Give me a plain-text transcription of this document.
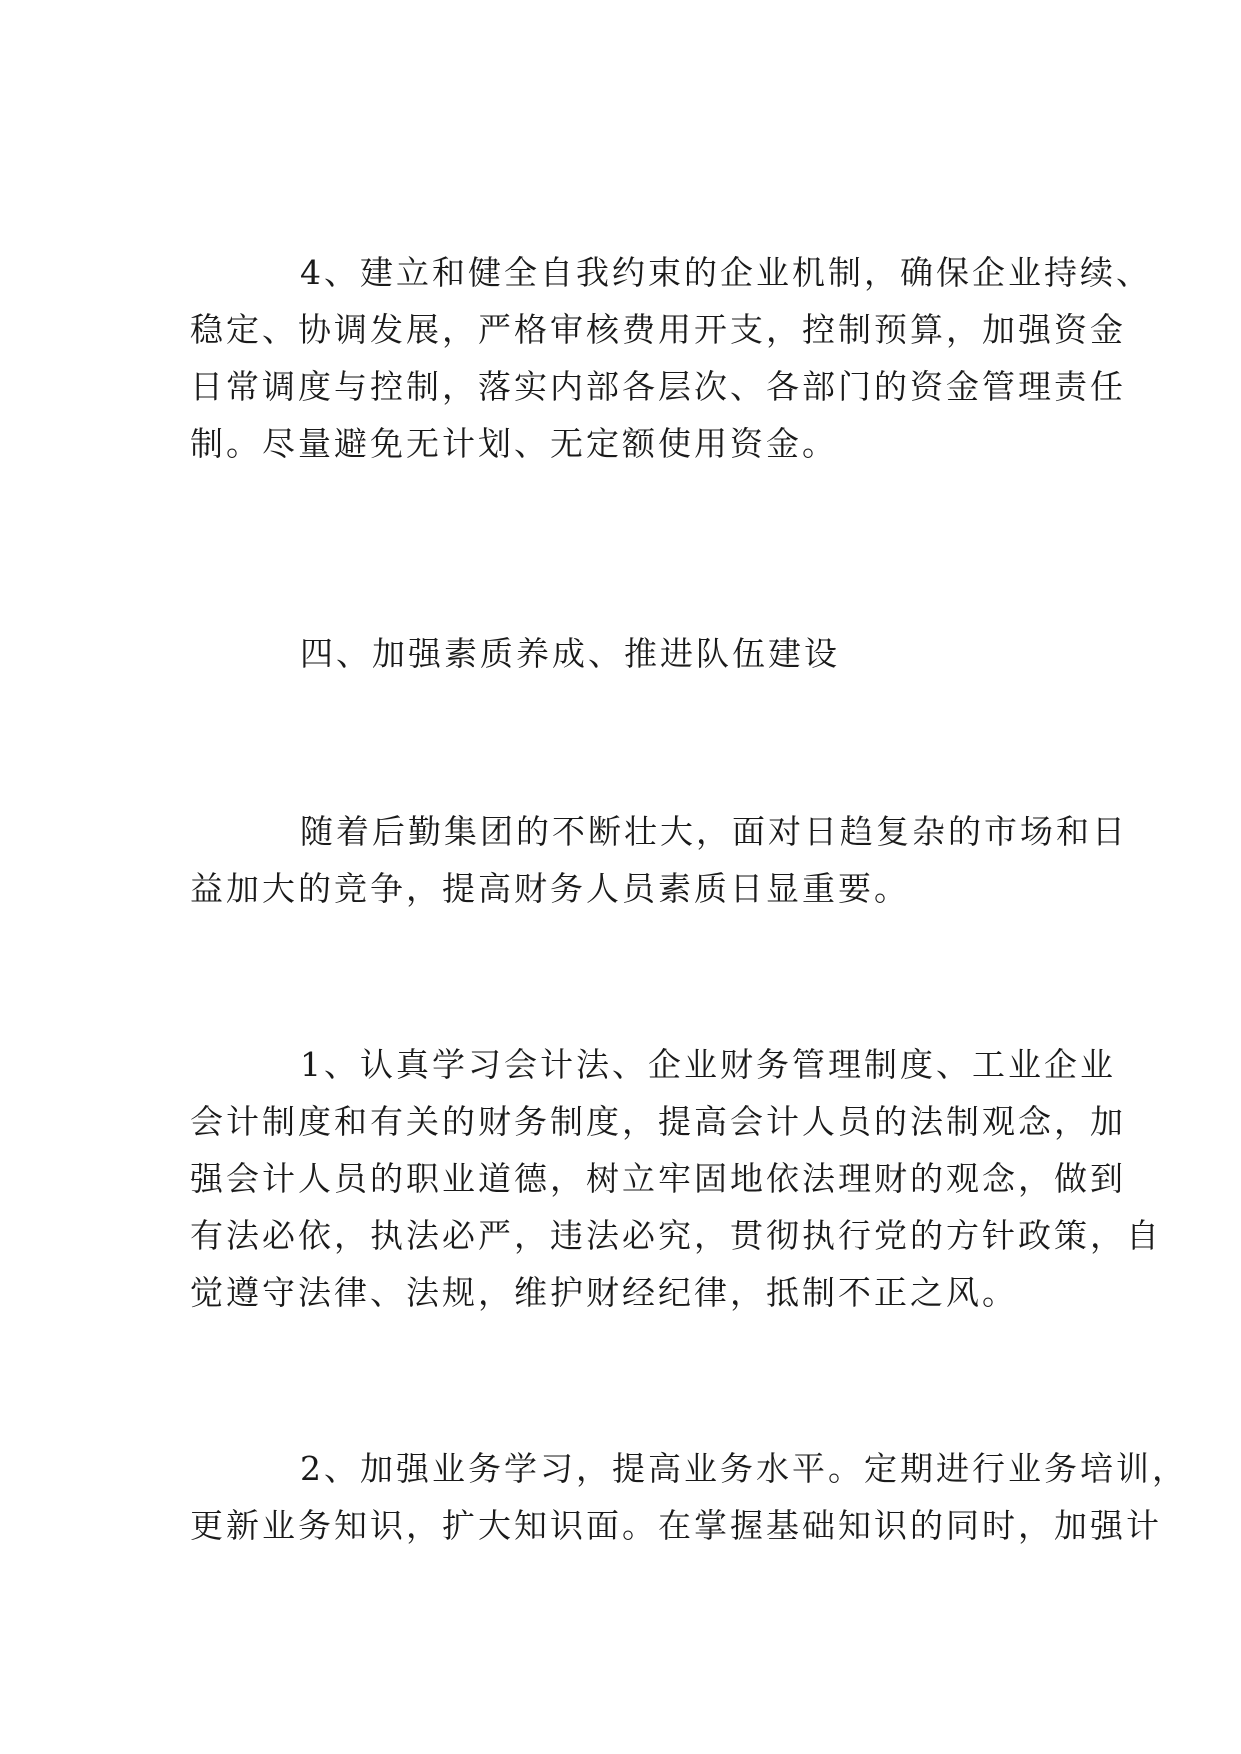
4、建立和健全自我约束的企业机制，确保企业持续、
稳定、协调发展，严格审核费用开支，控制预算，加强资金
日常调度与控制，落实内部各层次、各部门的资金管理责任
制。尽量避免无计划、无定额使用资金。

四、加强素质养成、推进队伍建设

随着后勤集团的不断壮大，面对日趋复杂的市场和日
益加大的竞争，提高财务人员素质日显重要。

1、认真学习会计法、企业财务管理制度、工业企业
会计制度和有关的财务制度，提高会计人员的法制观念，加
强会计人员的职业道德，树立牢固地依法理财的观念，做到
有法必依，执法必严，违法必究，贯彻执行党的方针政策，自
觉遵守法律、法规，维护财经纪律，抵制不正之风。

2、加强业务学习，提高业务水平。定期进行业务培训，
更新业务知识，扩大知识面。在掌握基础知识的同时，加强计
